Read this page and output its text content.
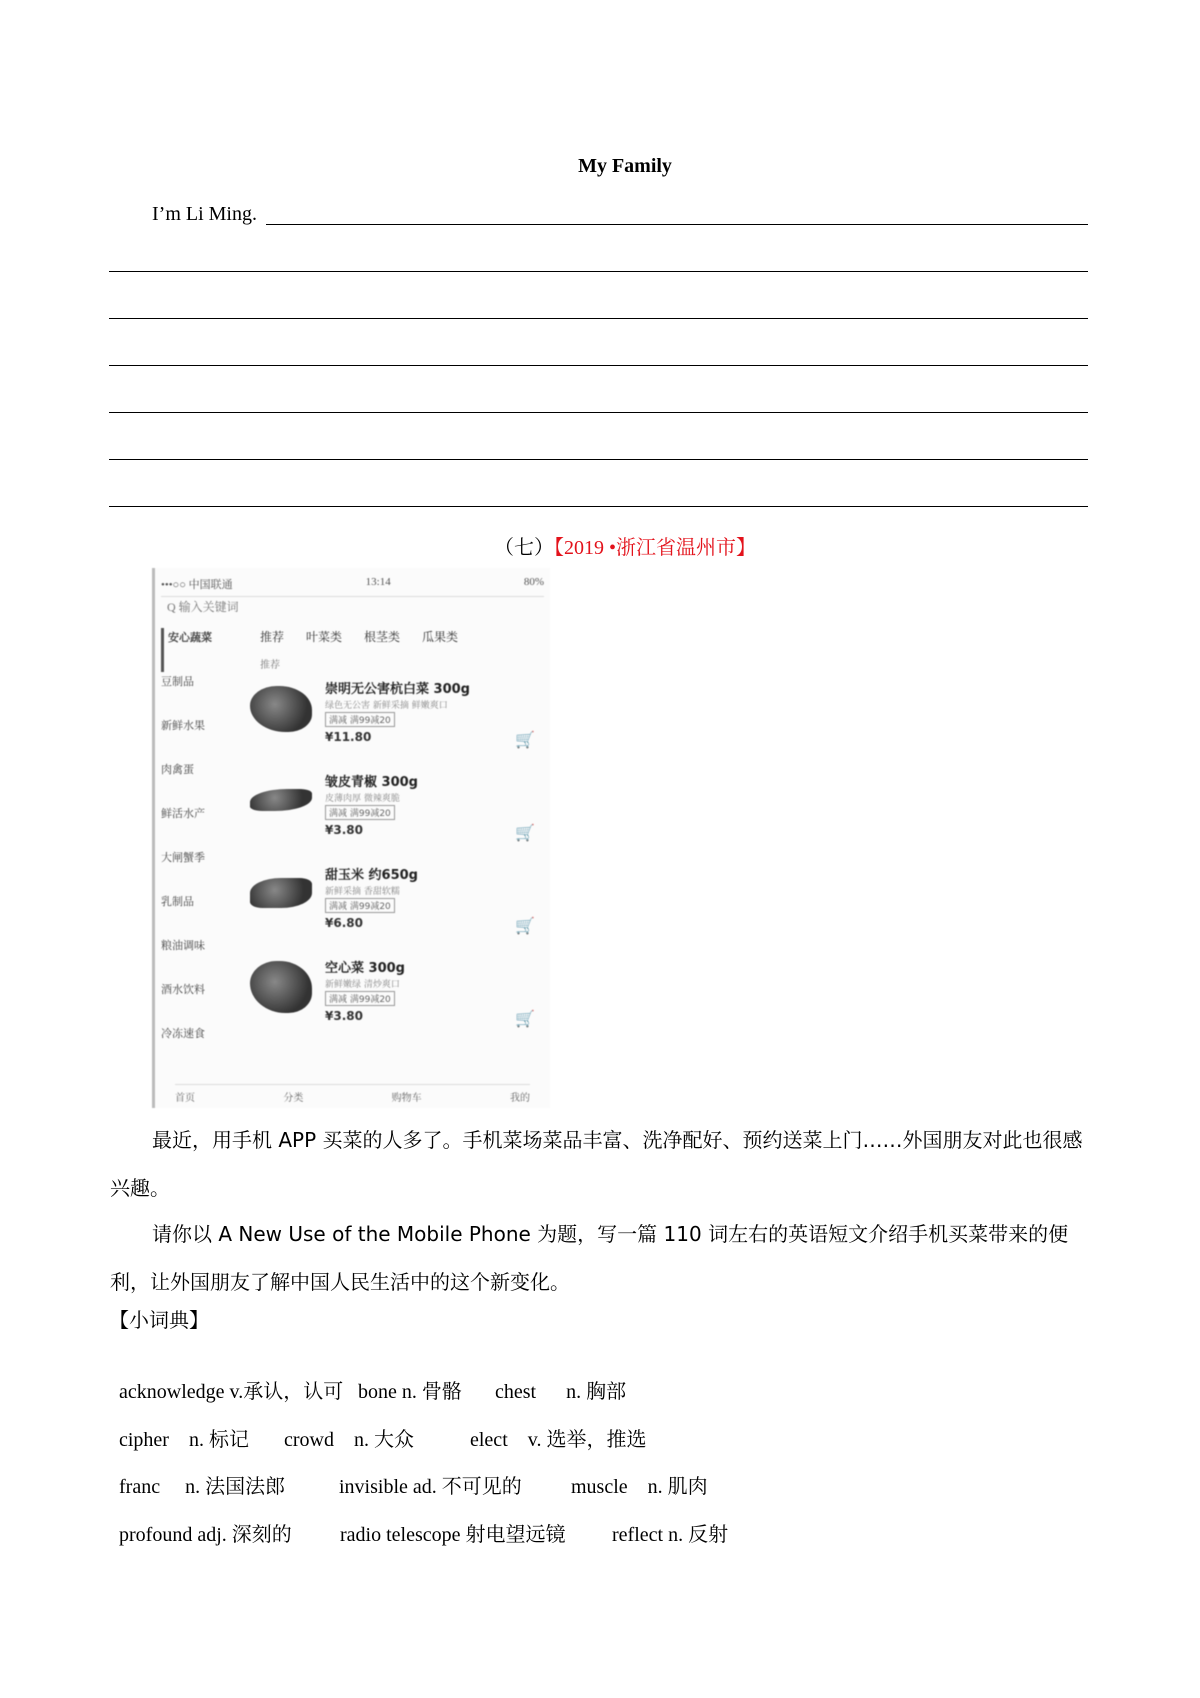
My Family
I’m Li Ming.
（七）【2019 •浙江省温州市】
•••○○ 中国联通	13:14	80%
Q 输入关键词
安心蔬菜
豆制品
新鲜水果
肉禽蛋
鲜活水产
大闸蟹季
乳制品
粮油调味
酒水饮料
冷冻速食
推荐 叶菜类 根茎类 瓜果类
推荐
崇明无公害杭白菜 300g
绿色无公害 新鲜采摘 鲜嫩爽口
满减 满99减20
¥11.80	🛒
皱皮青椒 300g
皮薄肉厚 微辣爽脆
满减 满99减20
¥3.80	🛒
甜玉米 约650g
新鲜采摘 香甜软糯
满减 满99减20
¥6.80	🛒
空心菜 300g
新鲜嫩绿 清炒爽口
满减 满99减20
¥3.80	🛒
首页	分类	购物车	我的
最近，用手机 APP 买菜的人多了。手机菜场菜品丰富、洗净配好、预约送菜上门……外国朋友对此也很感兴趣。
请你以 A New Use of the Mobile Phone 为题，写一篇 110 词左右的英语短文介绍手机买菜带来的便利，让外国朋友了解中国人民生活中的这个新变化。
【小词典】

acknowledge v.承认，认可 bone n. 骨骼 chest      n. 胸部

cipher    n. 标记 crowd    n. 大众	elect    v. 选举，推选

franc     n. 法国法郎	invisible ad. 不可见的 muscle    n. 肌肉

profound adj. 深刻的 radio telescope 射电望远镜 reflect n. 反射
